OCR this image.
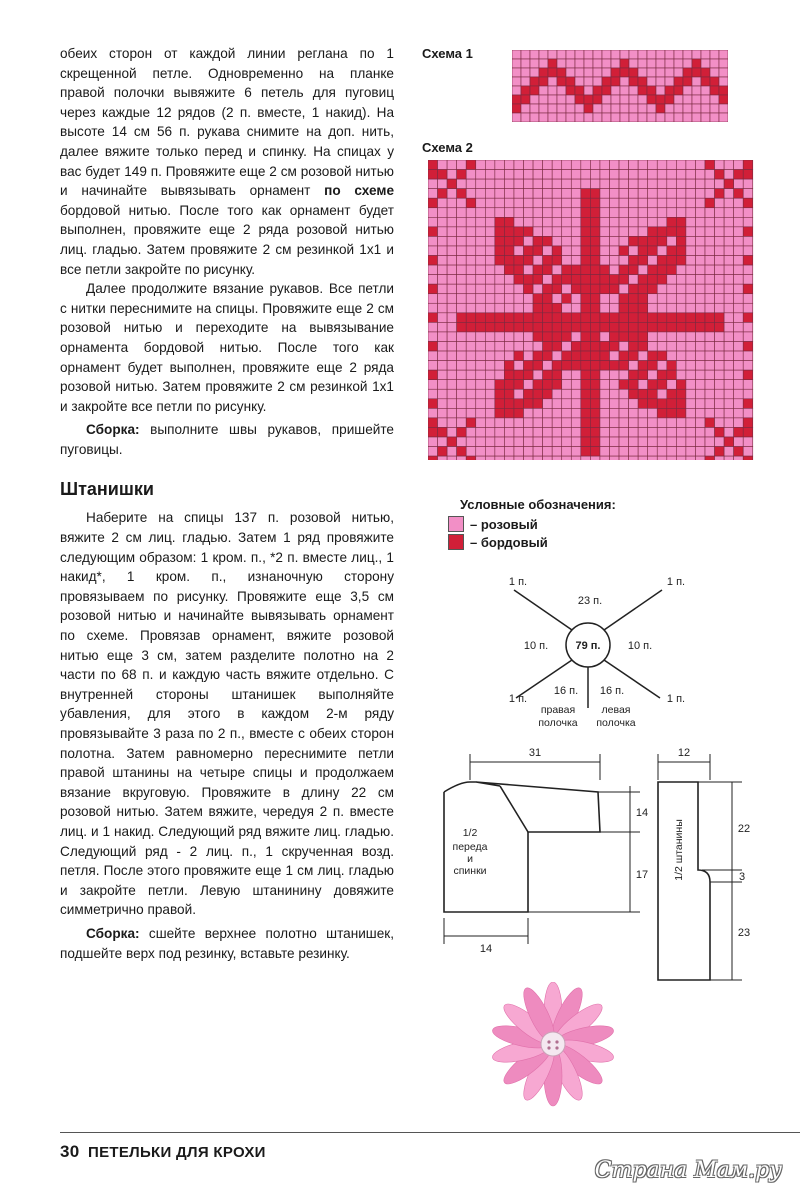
обеих сторон от каждой линии реглана по 1 скрещенной петле. Одновременно на планке правой полочки вывяжите 6 петель для пуговиц через каждые 12 рядов (2 п. вместе, 1 накид). На высоте 14 см 56 п. рукава снимите на доп. нить, далее вяжите только перед и спинку. На спицах у вас будет 149 п. Провяжите еще 2 см розовой нитью и начинайте вывязывать орнамент по схеме бордовой нитью. После того как орнамент будет выполнен, провяжите еще 2 ряда розовой нитью лиц. гладью. Затем провяжите 2 см резинкой 1х1 и все петли закройте по рисунку.

Далее продолжите вязание рукавов. Все петли с нитки переснимите на спицы. Провяжите еще 2 см розовой нитью и переходите на вывязывание орнамента бордовой нитью. После того как орнамент будет выполнен, провяжите еще 2 ряда розовой нитью. Затем провяжите 2 см резинкой 1х1 и закройте все петли по рисунку.

Сборка: выполните швы рукавов, пришейте пуговицы.

Штанишки

Наберите на спицы 137 п. розовой нитью, вяжите 2 см лиц. гладью. Затем 1 ряд провяжите следующим образом: 1 кром. п., *2 п. вместе лиц., 1 накид*, 1 кром. п., изнаночную сторону провязываем по рисунку. Провяжите еще 3,5 см розовой нитью и начинайте вывязывать орнамент по схеме. Провязав орнамент, вяжите розовой нитью еще 3 см, затем разделите полотно на 2 части по 68 п. и каждую часть вяжите отдельно. С внутренней стороны штанишек выполняйте убавления, для этого в каждом 2-м ряду провязывайте 3 раза по 2 п., вместе с обеих сторон полотна. Затем равномерно переснимите петли правой штанины на четыре спицы и продолжаем вязание вкруговую. Провяжите в длину 22 см розовой нитью. Затем вяжите, чередуя 2 п. вместе лиц. и 1 накид. Следующий ряд вяжите лиц. гладью. Следующий ряд - 2 лиц. п., 1 скрученная возд. петля. После этого провяжите еще 1 см лиц. гладью и закройте петли. Левую штанинину довяжите симметрично правой.

Сборка: сшейте верхнее полотно штанишек, подшейте верх под резинку, вставьте резинку.

Схема 1
Схема 2
Условные обозначения:
– розовый
– бордовый
79 п.
23 п.
10 п.	10 п.
16 п. 16 п.
1 п.	1 п.
1 п.	1 п.
правая
полочка
левая
полочка
31
14
17
14
1/2
переда
и
спинки
12
22
3
23
1/2 штанины
30 ПЕТЕЛЬКИ ДЛЯ КРОХИ
Страна Мам.ру
